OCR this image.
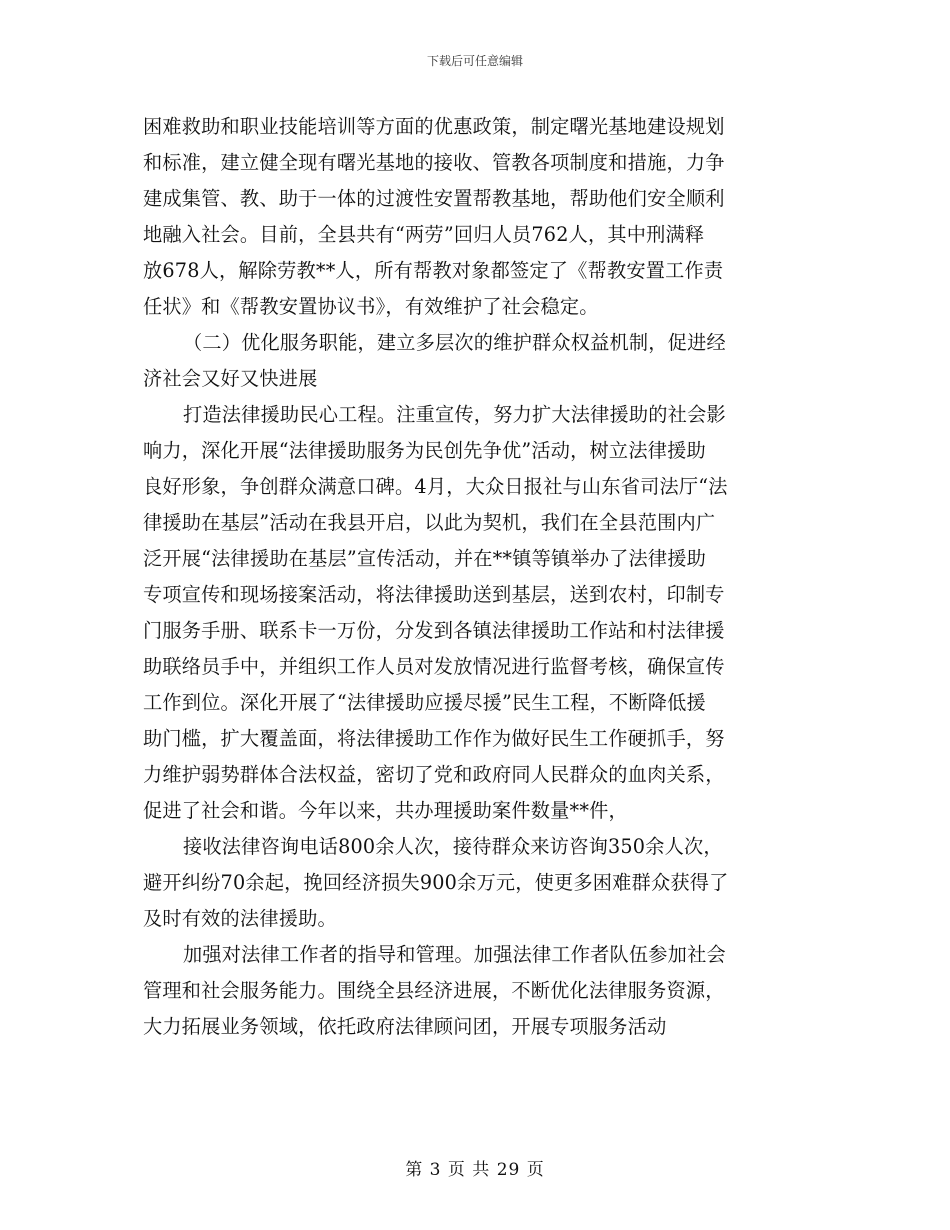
下载后可任意编辑
困难救助和职业技能培训等方面的优惠政策，制定曙光基地建设规划
和标准，建立健全现有曙光基地的接收、管教各项制度和措施，力争
建成集管、教、助于一体的过渡性安置帮教基地，帮助他们安全顺利
地融入社会。目前，全县共有“两劳”回归人员762人，其中刑满释
放678人，解除劳教**人，所有帮教对象都签定了《帮教安置工作责
任状》和《帮教安置协议书》，有效维护了社会稳定。
（二）优化服务职能，建立多层次的维护群众权益机制，促进经
济社会又好又快进展
打造法律援助民心工程。注重宣传，努力扩大法律援助的社会影
响力，深化开展“法律援助服务为民创先争优”活动，树立法律援助
良好形象，争创群众满意口碑。4月，大众日报社与山东省司法厅“法
律援助在基层”活动在我县开启，以此为契机，我们在全县范围内广
泛开展“法律援助在基层”宣传活动，并在**镇等镇举办了法律援助
专项宣传和现场接案活动，将法律援助送到基层，送到农村，印制专
门服务手册、联系卡一万份，分发到各镇法律援助工作站和村法律援
助联络员手中，并组织工作人员对发放情况进行监督考核，确保宣传
工作到位。深化开展了“法律援助应援尽援”民生工程，不断降低援
助门槛，扩大覆盖面，将法律援助工作作为做好民生工作硬抓手，努
力维护弱势群体合法权益，密切了党和政府同人民群众的血肉关系，
促进了社会和谐。今年以来，共办理援助案件数量**件，
接收法律咨询电话800余人次，接待群众来访咨询350余人次，
避开纠纷70余起，挽回经济损失900余万元，使更多困难群众获得了
及时有效的法律援助。
加强对法律工作者的指导和管理。加强法律工作者队伍参加社会
管理和社会服务能力。围绕全县经济进展，不断优化法律服务资源，
大力拓展业务领域，依托政府法律顾问团，开展专项服务活动
第 3 页 共 29 页
